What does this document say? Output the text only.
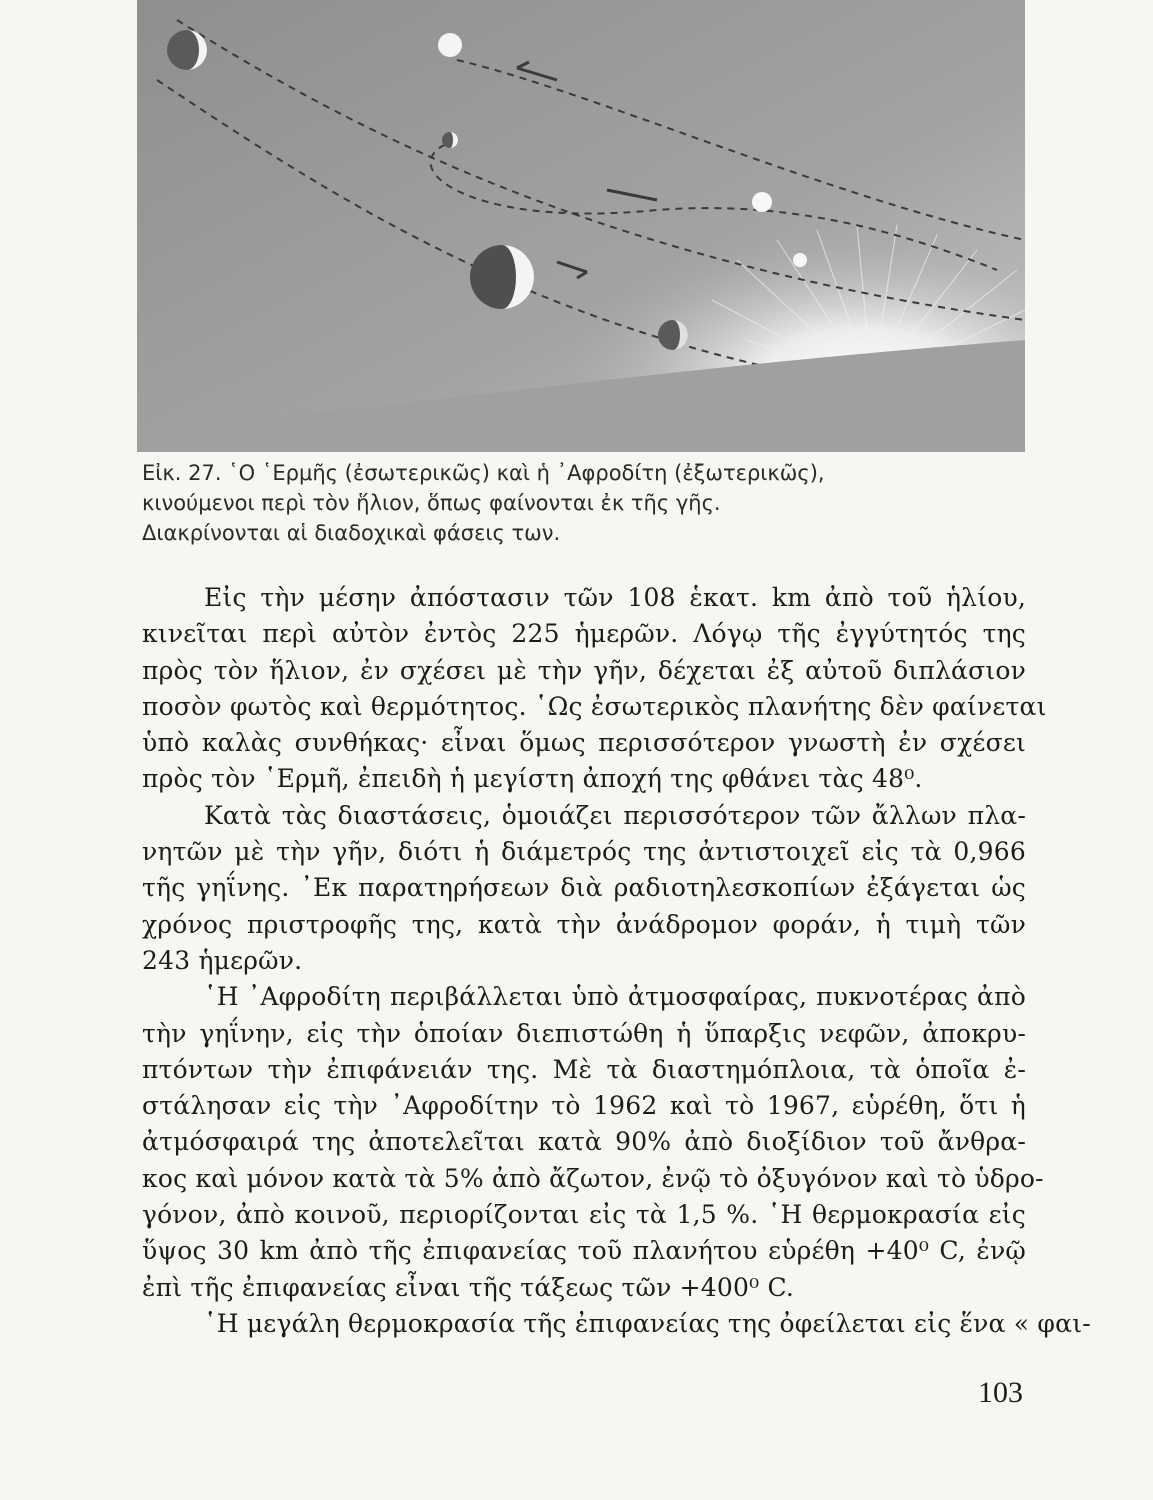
Εἰκ. 27. ῾Ο ῾Ερμῆς (ἐσωτερικῶς) καὶ ἡ ᾿Αφροδίτη (ἐξωτερικῶς),
κινούμενοι περὶ τὸν ἥλιον, ὅπως φαίνονται ἐκ τῆς γῆς.
Διακρίνονται αἱ διαδοχικαὶ φάσεις των.

Εἰς τὴν μέσην ἀπόστασιν τῶν 108 ἑκατ. km ἀπὸ τοῦ ἡλίου,
κινεῖται περὶ αὐτὸν ἐντὸς 225 ἡμερῶν. Λόγῳ τῆς ἐγγύτητός της
πρὸς τὸν ἥλιον, ἐν σχέσει μὲ τὴν γῆν, δέχεται ἐξ αὐτοῦ διπλάσιον
ποσὸν φωτὸς καὶ θερμότητος. ῾Ως ἐσωτερικὸς πλανήτης δὲν φαίνεται
ὑπὸ καλὰς συνθήκας· εἶναι ὅμως περισσότερον γνωστὴ ἐν σχέσει
πρὸς τὸν ῾Ερμῆ, ἐπειδὴ ἡ μεγίστη ἀποχή της φθάνει τὰς 48⁰.

Κατὰ τὰς διαστάσεις, ὁμοιάζει περισσότερον τῶν ἄλλων πλα-
νητῶν μὲ τὴν γῆν, διότι ἡ διάμετρός της ἀντιστοιχεῖ εἰς τὰ 0,966
τῆς γηΐνης. ᾿Εκ παρατηρήσεων διὰ ραδιοτηλεσκοπίων ἐξάγεται ὡς
χρόνος πριστροφῆς της, κατὰ τὴν ἀνάδρομον φοράν, ἡ τιμὴ τῶν
243 ἡμερῶν.

῾Η ᾿Αφροδίτη περιβάλλεται ὑπὸ ἀτμοσφαίρας, πυκνοτέρας ἀπὸ
τὴν γηΐνην, εἰς τὴν ὁποίαν διεπιστώθη ἡ ὕπαρξις νεφῶν, ἀποκρυ-
πτόντων τὴν ἐπιφάνειάν της. Μὲ τὰ διαστημόπλοια, τὰ ὁποῖα ἐ-
στάλησαν εἰς τὴν ᾿Αφροδίτην τὸ 1962 καὶ τὸ 1967, εὑρέθη, ὅτι ἡ
ἀτμόσφαιρά της ἀποτελεῖται κατὰ 90% ἀπὸ διοξίδιον τοῦ ἄνθρα-
κος καὶ μόνον κατὰ τὰ 5% ἀπὸ ἄζωτον, ἐνῷ τὸ ὀξυγόνον καὶ τὸ ὑδρο-
γόνον, ἀπὸ κοινοῦ, περιορίζονται εἰς τὰ 1,5 %. ῾Η θερμοκρασία εἰς
ὕψος 30 km ἀπὸ τῆς ἐπιφανείας τοῦ πλανήτου εὑρέθη +40⁰ C, ἐνῷ
ἐπὶ τῆς ἐπιφανείας εἶναι τῆς τάξεως τῶν +400⁰ C.

῾Η μεγάλη θερμοκρασία τῆς ἐπιφανείας της ὀφείλεται εἰς ἕνα « φαι-

103
